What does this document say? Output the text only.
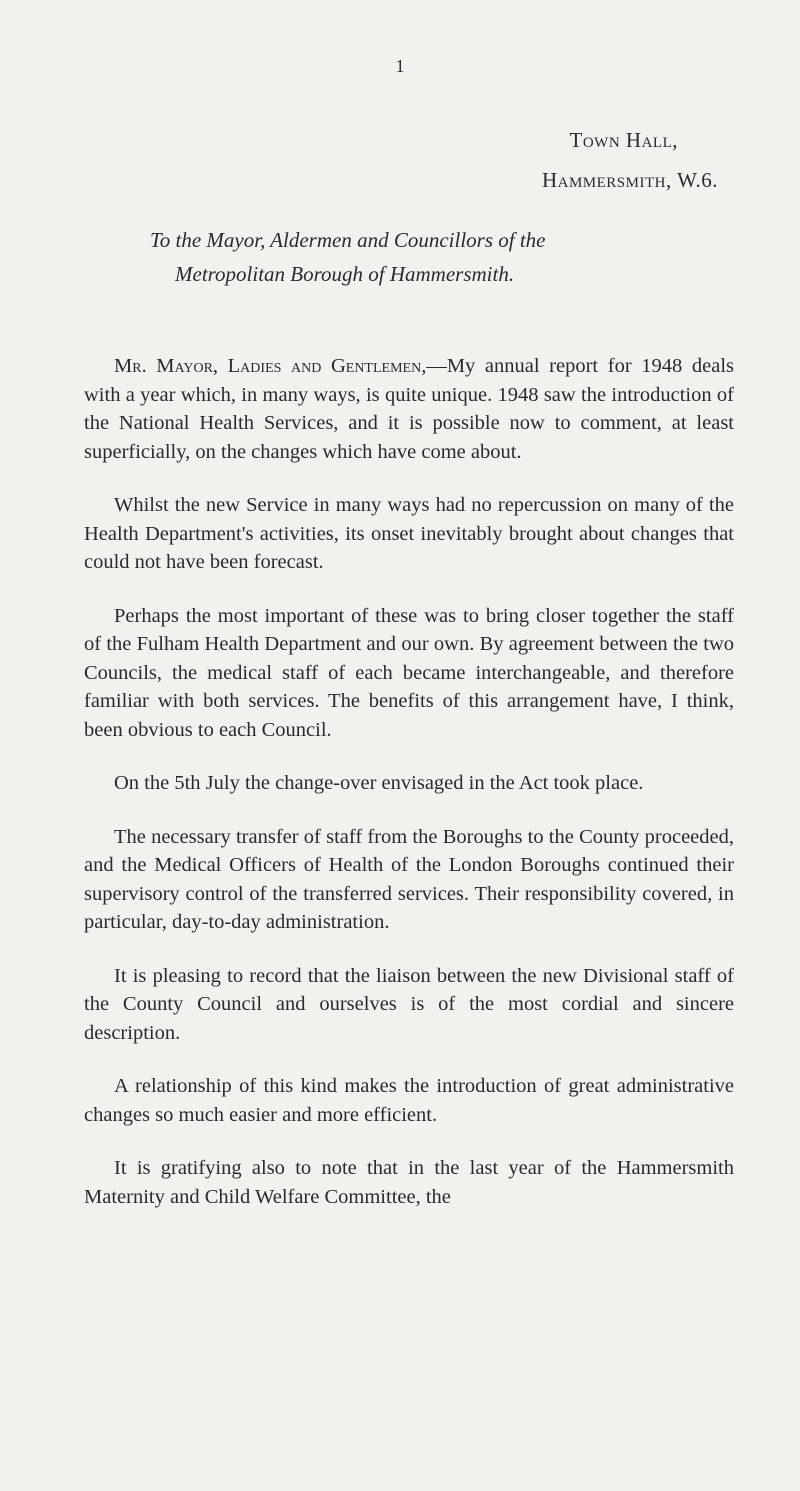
1
Town Hall,
Hammersmith, W.6.
To the Mayor, Aldermen and Councillors of the
Metropolitan Borough of Hammersmith.

Mr. Mayor, Ladies and Gentlemen,—My annual report for 1948 deals with a year which, in many ways, is quite unique. 1948 saw the introduction of the National Health Services, and it is possible now to comment, at least superficially, on the changes which have come about.

Whilst the new Service in many ways had no repercussion on many of the Health Department's activities, its onset inevitably brought about changes that could not have been forecast.

Perhaps the most important of these was to bring closer together the staff of the Fulham Health Department and our own. By agreement between the two Councils, the medical staff of each became interchangeable, and therefore familiar with both services. The benefits of this arrangement have, I think, been obvious to each Council.

On the 5th July the change-over envisaged in the Act took place.

The necessary transfer of staff from the Boroughs to the County proceeded, and the Medical Officers of Health of the London Boroughs continued their supervisory control of the transferred services. Their responsibility covered, in particular, day-to-day administration.

It is pleasing to record that the liaison between the new Divisional staff of the County Council and ourselves is of the most cordial and sincere description.

A relationship of this kind makes the introduction of great administrative changes so much easier and more efficient.

It is gratifying also to note that in the last year of the Hammersmith Maternity and Child Welfare Committee, the
